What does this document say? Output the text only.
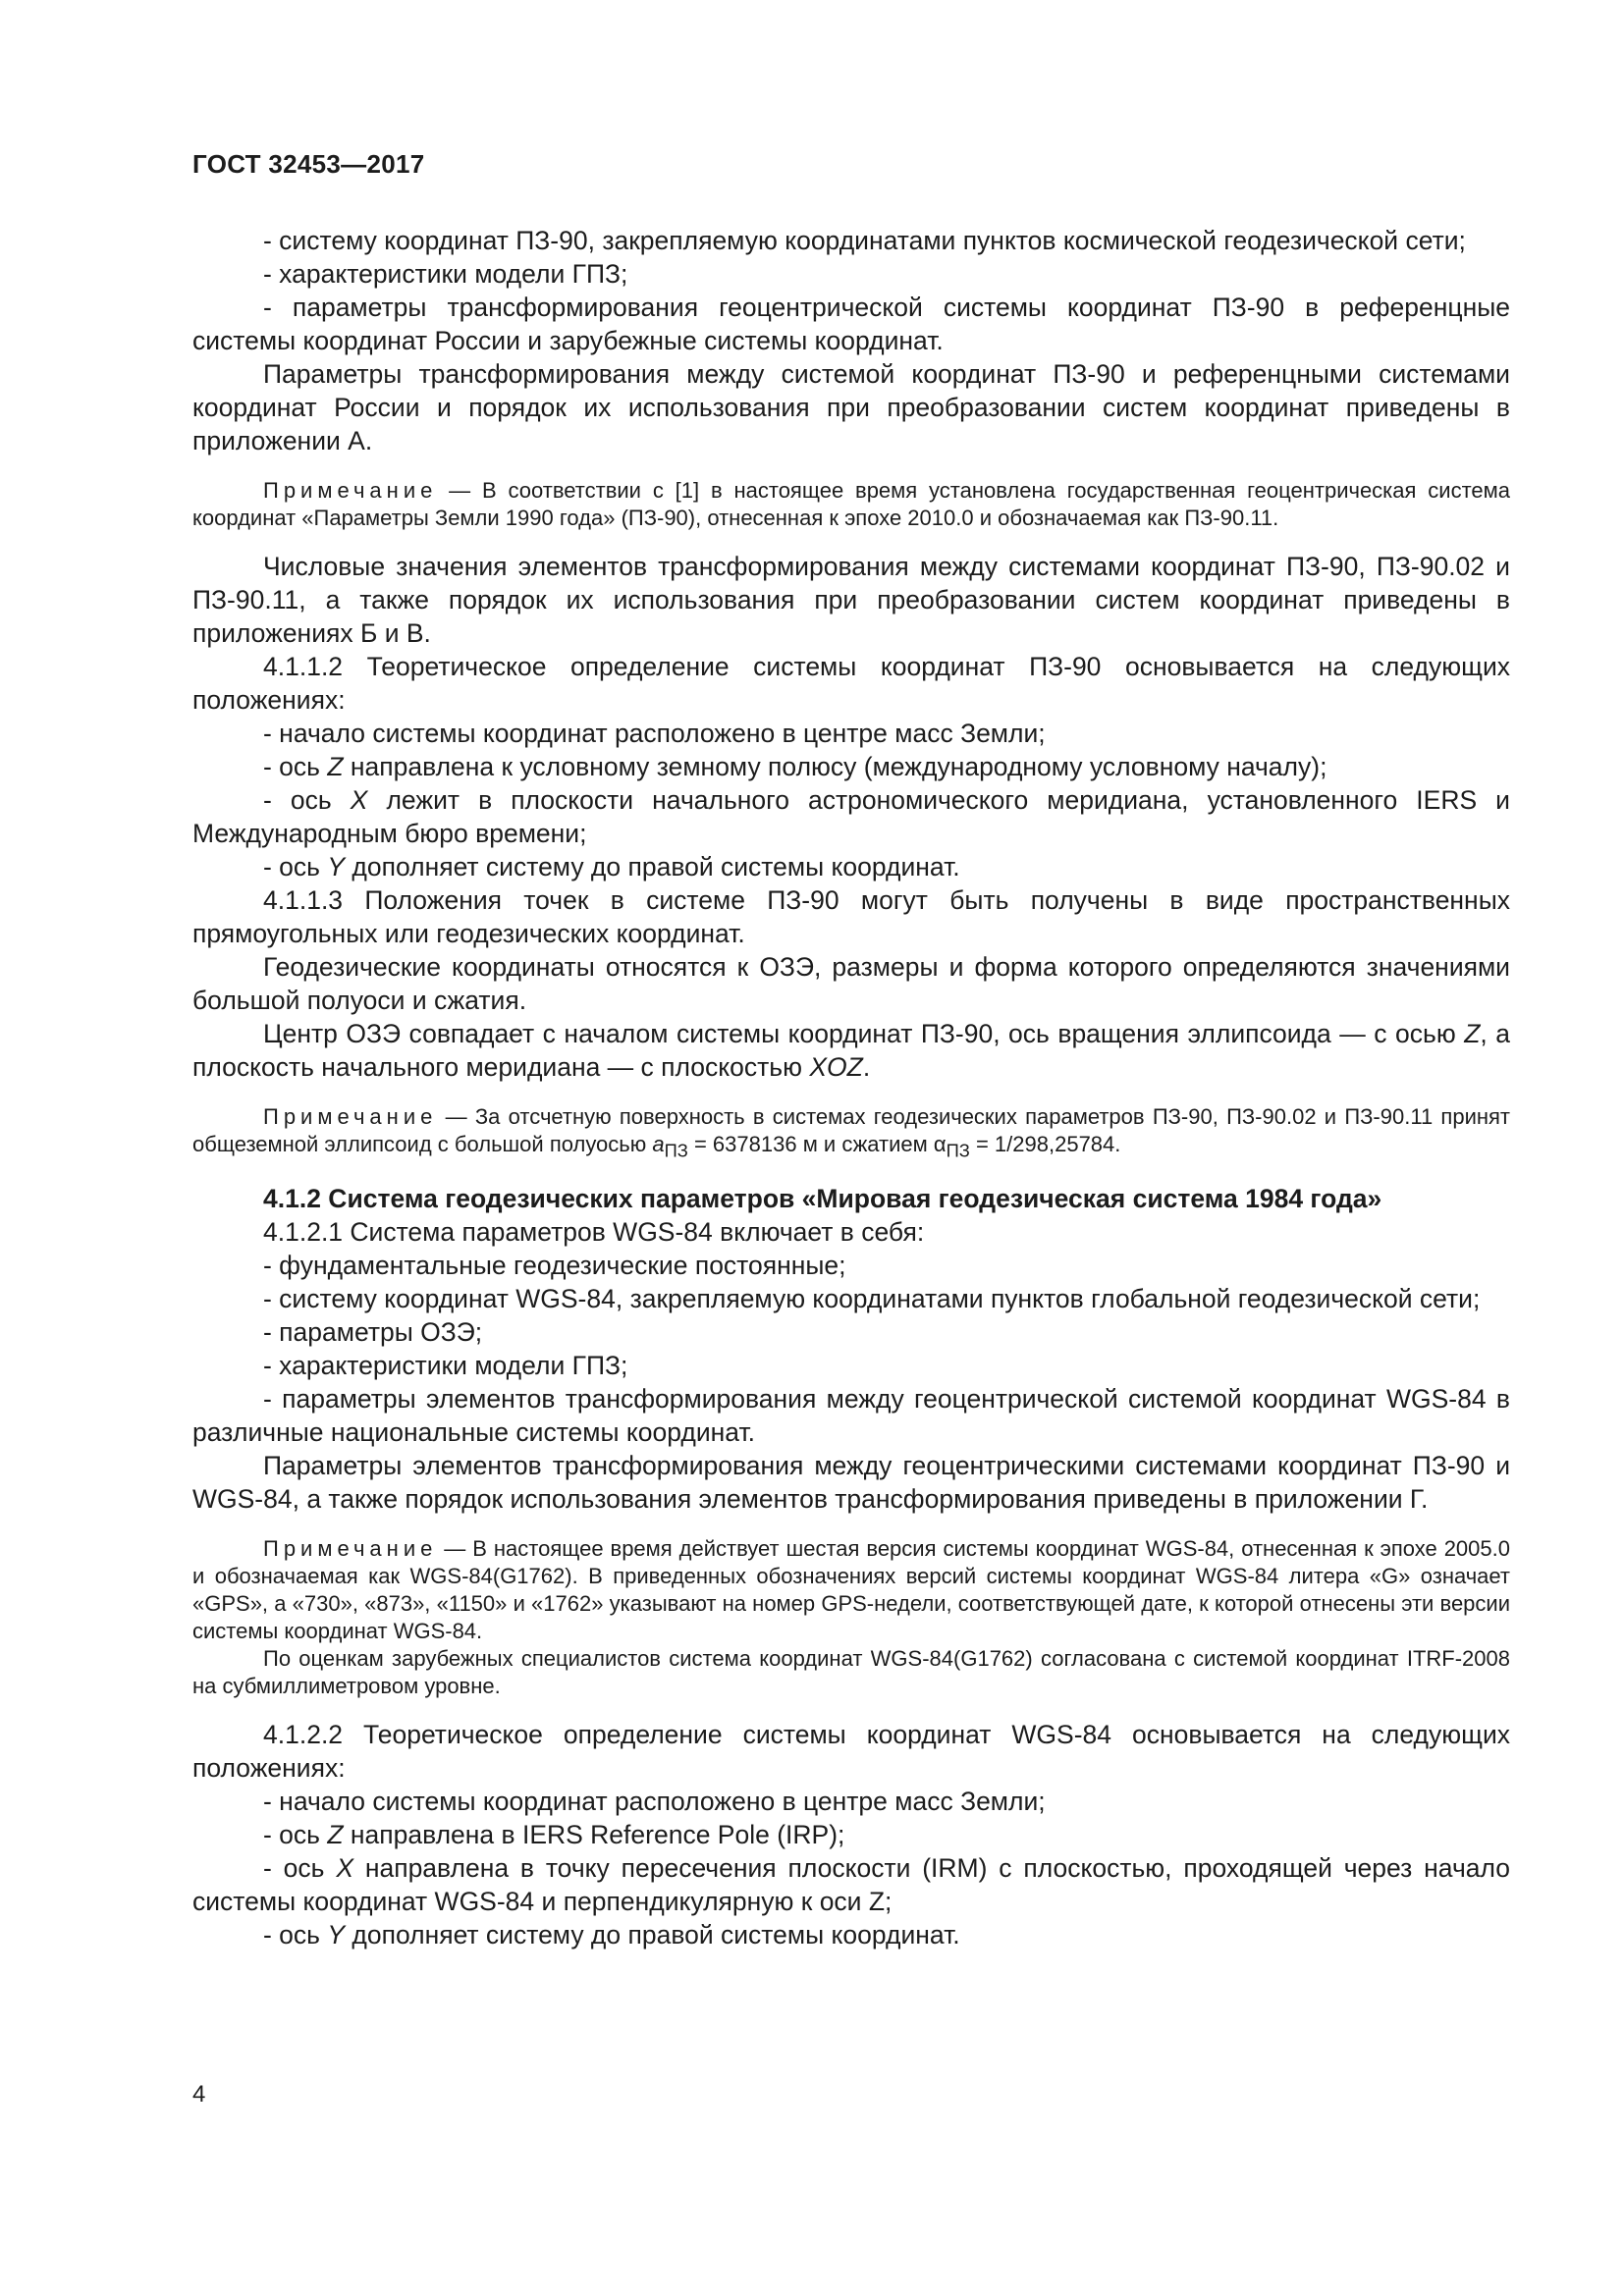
ГОСТ 32453—2017

- систему координат ПЗ-90, закрепляемую координатами пунктов космической геодезической сети;

- характеристики модели ГПЗ;

- параметры трансформирования геоцентрической системы координат ПЗ-90 в референцные системы координат России и зарубежные системы координат.

Параметры трансформирования между системой координат ПЗ-90 и референцными системами координат России и порядок их использования при преобразовании систем координат приведены в приложении А.

Примечание — В соответствии с [1] в настоящее время установлена государственная геоцентрическая система координат «Параметры Земли 1990 года» (ПЗ-90), отнесенная к эпохе 2010.0 и обозначаемая как ПЗ-90.11.

Числовые значения элементов трансформирования между системами координат ПЗ-90, ПЗ-90.02 и ПЗ-90.11, а также порядок их использования при преобразовании систем координат приведены в приложениях Б и В.

4.1.1.2 Теоретическое определение системы координат ПЗ-90 основывается на следующих положениях:

- начало системы координат расположено в центре масс Земли;

- ось Z направлена к условному земному полюсу (международному условному началу);

- ось X лежит в плоскости начального астрономического меридиана, установленного IERS и Международным бюро времени;

- ось Y дополняет систему до правой системы координат.

4.1.1.3 Положения точек в системе ПЗ-90 могут быть получены в виде пространственных прямоугольных или геодезических координат.

Геодезические координаты относятся к ОЗЭ, размеры и форма которого определяются значениями большой полуоси и сжатия.

Центр ОЗЭ совпадает с началом системы координат ПЗ-90, ось вращения эллипсоида — с осью Z, а плоскость начального меридиана — с плоскостью XOZ.

Примечание — За отсчетную поверхность в системах геодезических параметров ПЗ-90, ПЗ-90.02 и ПЗ-90.11 принят общеземной эллипсоид с большой полуосью $a_{ПЗ} = 6378136$ м и сжатием $\alpha_{ПЗ} = 1/298,25784$.

4.1.2 Система геодезических параметров «Мировая геодезическая система 1984 года»

4.1.2.1 Система параметров WGS-84 включает в себя:

- фундаментальные геодезические постоянные;

- систему координат WGS-84, закрепляемую координатами пунктов глобальной геодезической сети;

- параметры ОЗЭ;

- характеристики модели ГПЗ;

- параметры элементов трансформирования между геоцентрической системой координат WGS-84 в различные национальные системы координат.

Параметры элементов трансформирования между геоцентрическими системами координат ПЗ-90 и WGS-84, а также порядок использования элементов трансформирования приведены в приложении Г.

Примечание — В настоящее время действует шестая версия системы координат WGS-84, отнесенная к эпохе 2005.0 и обозначаемая как WGS-84(G1762). В приведенных обозначениях версий системы координат WGS-84 литера «G» означает «GPS», а «730», «873», «1150» и «1762» указывают на номер GPS-недели, соответствующей дате, к которой отнесены эти версии системы координат WGS-84.

По оценкам зарубежных специалистов система координат WGS-84(G1762) согласована с системой координат ITRF-2008 на субмиллиметровом уровне.

4.1.2.2 Теоретическое определение системы координат WGS-84 основывается на следующих положениях:

- начало системы координат расположено в центре масс Земли;

- ось Z направлена в IERS Reference Pole (IRP);

- ось X направлена в точку пересечения плоскости (IRM) с плоскостью, проходящей через начало системы координат WGS-84 и перпендикулярную к оси Z;

- ось Y дополняет систему до правой системы координат.

4
